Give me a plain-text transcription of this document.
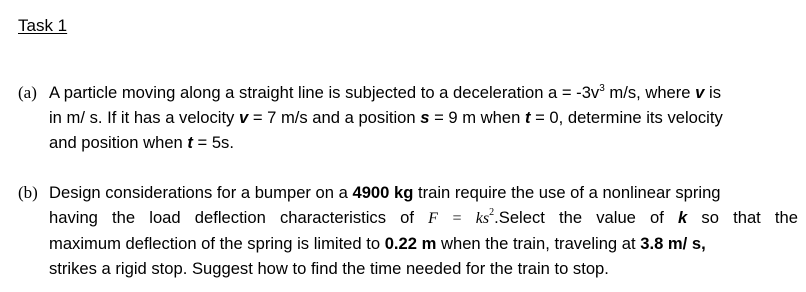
Task 1
(a) A particle moving along a straight line is subjected to a deceleration $a = -3v^3$ m/s, where v is
in m/ s. If it has a velocity v = 7 m/s and a position s = 9 m when t = 0, determine its velocity
and position when t = 5s.
(b) Design considerations for a bumper on a 4900 kg train require the use of a nonlinear spring
having the load deflection characteristics of $F = ks^2.Select$ the value of k so that the
maximum deflection of the spring is limited to 0.22 m when the train, traveling at 3.8 m/ s,
strikes a rigid stop. Suggest how to find the time needed for the train to stop.
